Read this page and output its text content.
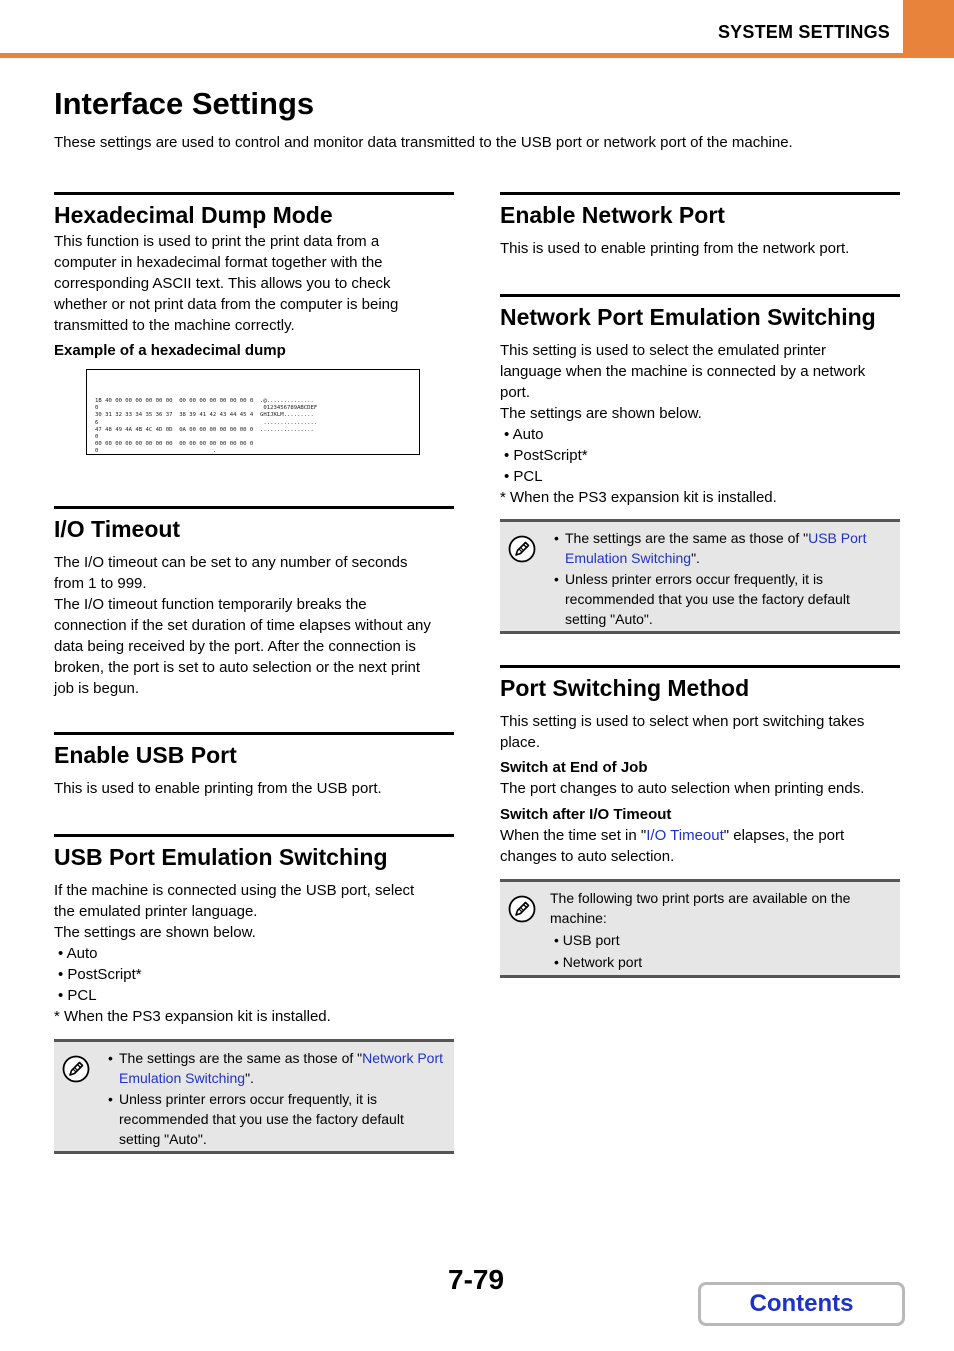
SYSTEM SETTINGS
Interface Settings
These settings are used to control and monitor data transmitted to the USB port or network port of the machine.
Hexadecimal Dump Mode

This function is used to print the print data from a

computer in hexadecimal format together with the

corresponding ASCII text. This allows you to check

whether or not print data from the computer is being

transmitted to the machine correctly.

Example of a hexadecimal dump

1B 40 00 00 00 00 00 00  00 00 00 00 00 00 00 0  .@..............
0                                                 0123456789ABCDEF
30 31 32 33 34 35 36 37  38 39 41 42 43 44 45 4  GHIJKLM.........
6                                                 ................
47 48 49 4A 4B 4C 4D 0D  0A 00 00 00 00 00 00 0  ................
0
00 00 00 00 00 00 00 00  00 00 00 00 00 00 00 0
0                                  .
I/O Timeout

The I/O timeout can be set to any number of seconds

from 1 to 999.

The I/O timeout function temporarily breaks the

connection if the set duration of time elapses without any

data being received by the port. After the connection is

broken, the port is set to auto selection or the next print

job is begun.

Enable USB Port

This is used to enable printing from the USB port.

USB Port Emulation Switching

If the machine is connected using the USB port, select

the emulated printer language.

The settings are shown below.

• Auto

• PostScript*

• PCL

* When the PS3 expansion kit is installed.

• The settings are the same as those of "Network Port
Emulation Switching".
• Unless printer errors occur frequently, it is
recommended that you use the factory default
setting "Auto".
Enable Network Port

This is used to enable printing from the network port.

Network Port Emulation Switching

This setting is used to select the emulated printer

language when the machine is connected by a network

port.

The settings are shown below.

• Auto

• PostScript*

• PCL

* When the PS3 expansion kit is installed.

• The settings are the same as those of "USB Port
Emulation Switching".
• Unless printer errors occur frequently, it is
recommended that you use the factory default
setting "Auto".
Port Switching Method

This setting is used to select when port switching takes

place.

Switch at End of Job

The port changes to auto selection when printing ends.

Switch after I/O Timeout

When the time set in "I/O Timeout" elapses, the port

changes to auto selection.

The following two print ports are available on the
machine:
• USB port
• Network port
7-79
Contents
